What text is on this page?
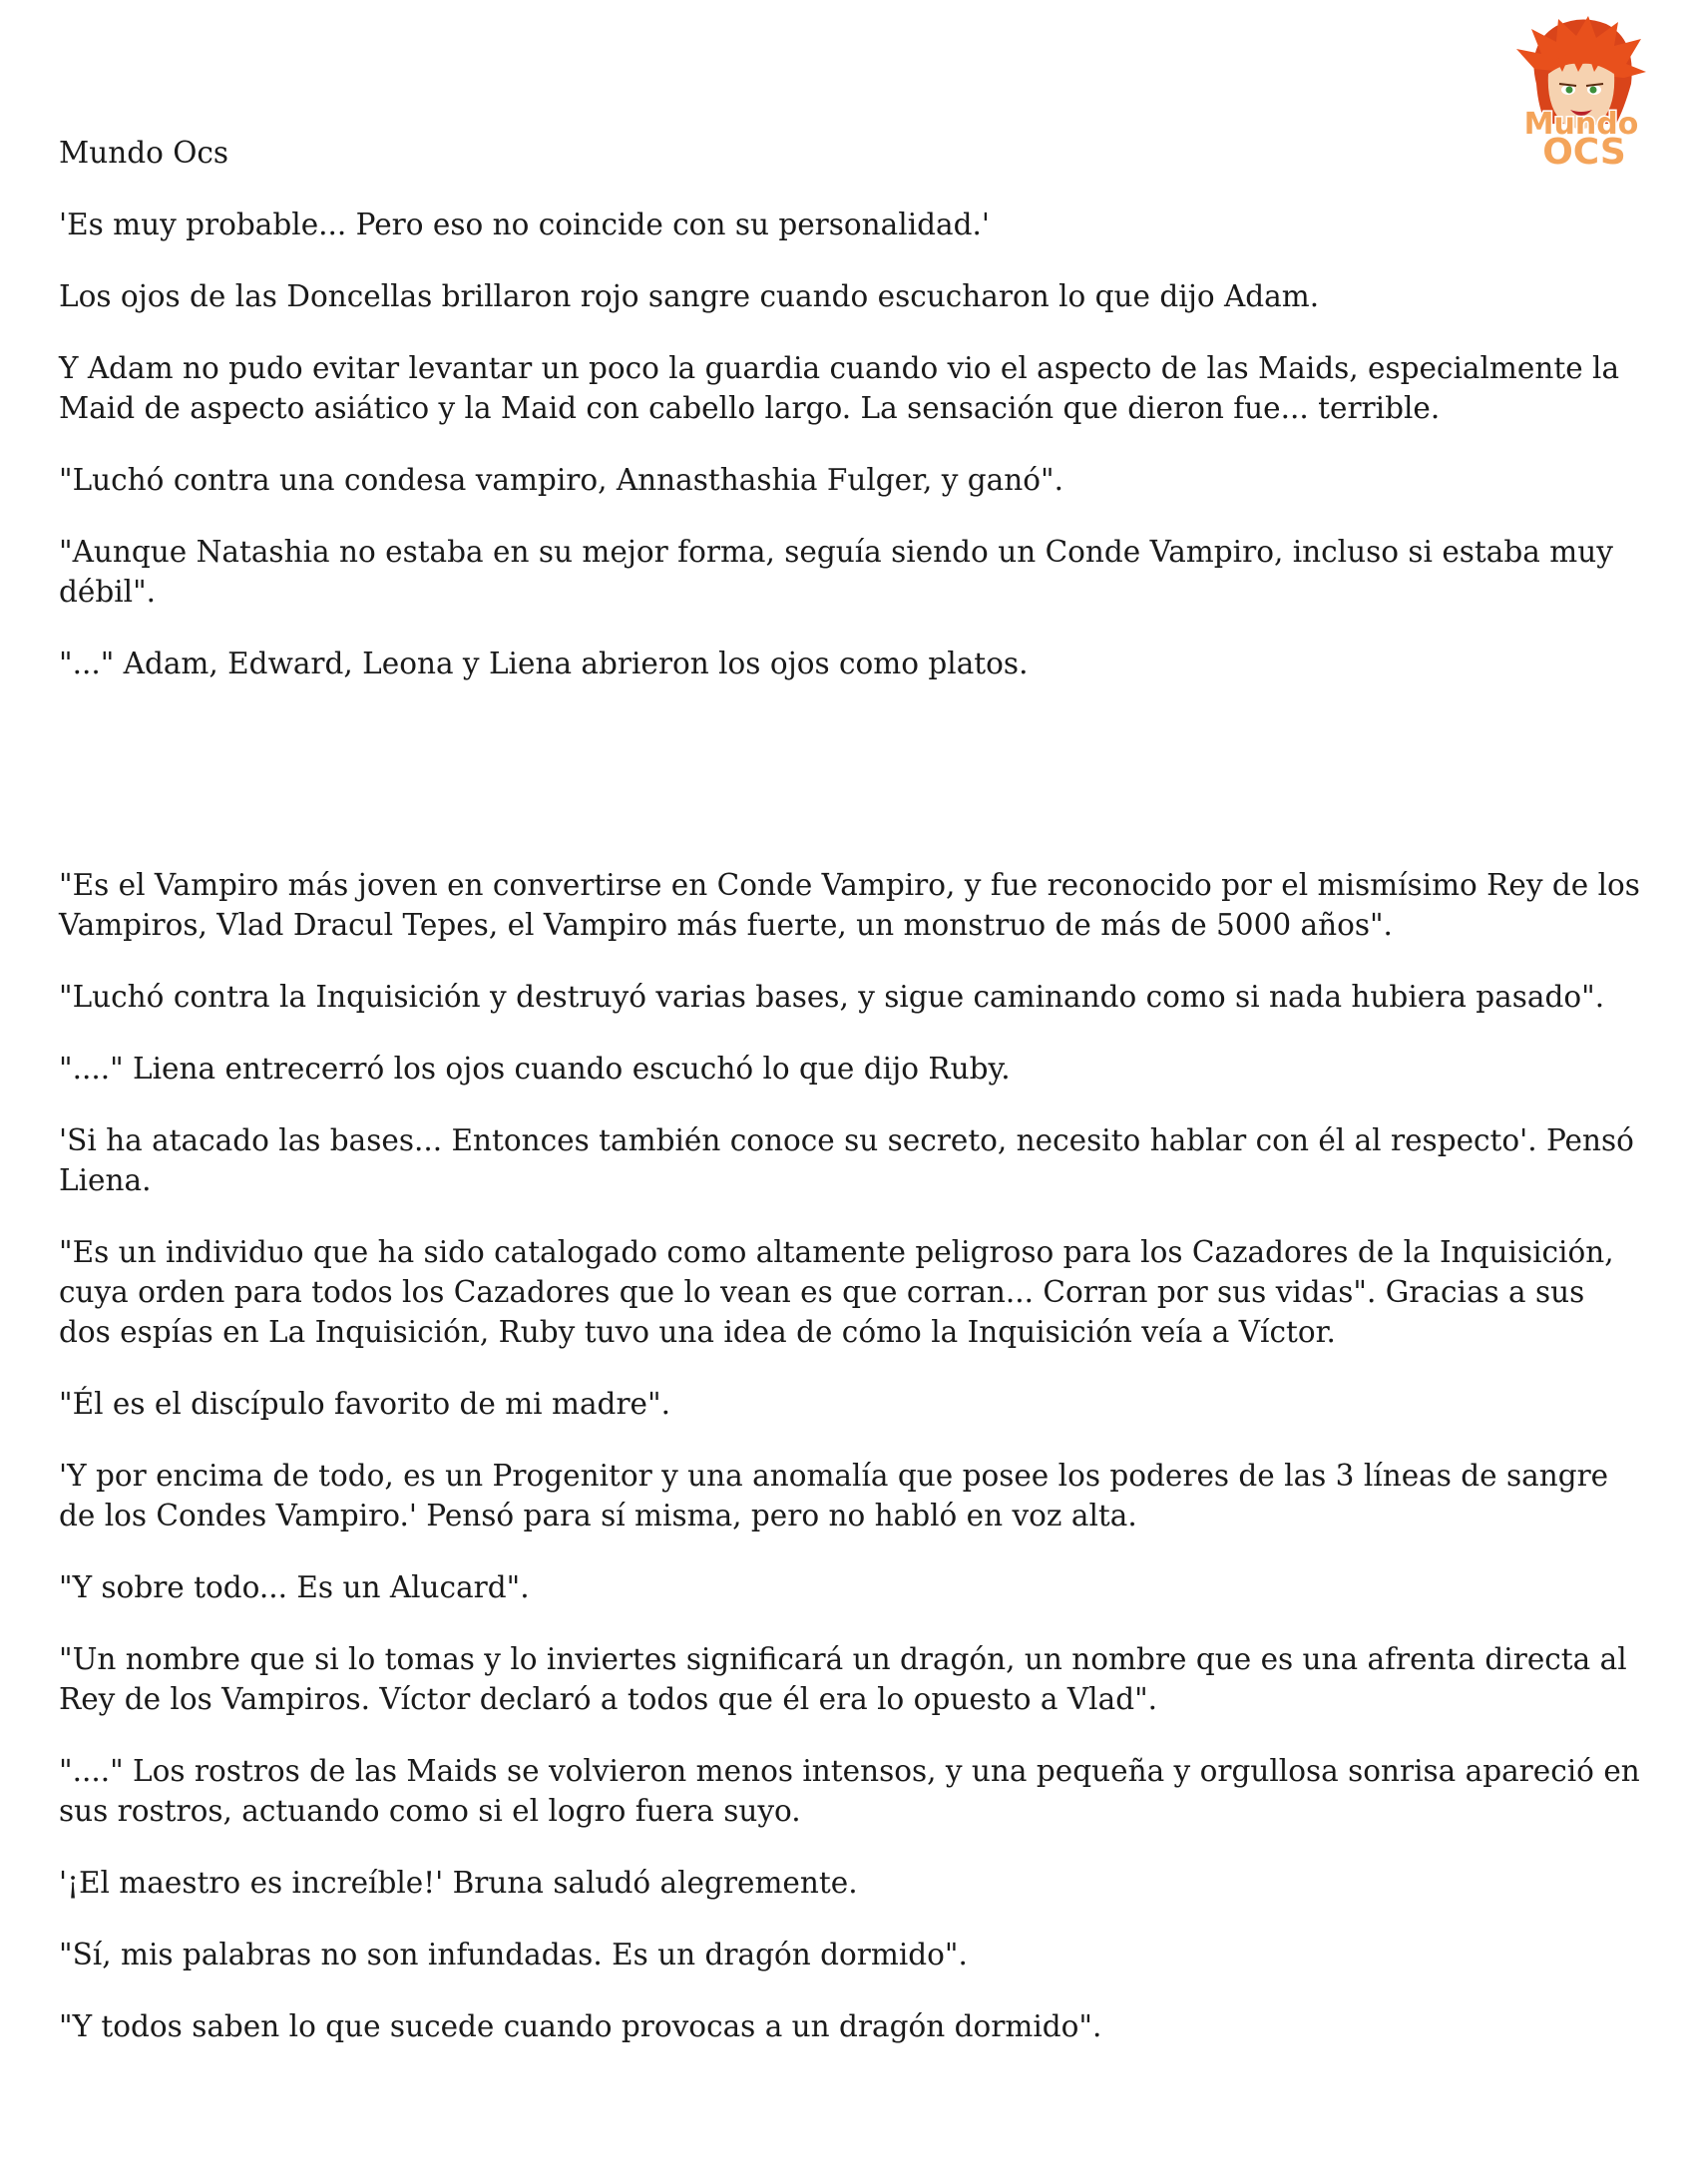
Mundo
OCS

Mundo Ocs

'Es muy probable... Pero eso no coincide con su personalidad.'

Los ojos de las Doncellas brillaron rojo sangre cuando escucharon lo que dijo Adam.

Y Adam no pudo evitar levantar un poco la guardia cuando vio el aspecto de las Maids, especialmente la Maid de aspecto asiático y la Maid con cabello largo. La sensación que dieron fue... terrible.

"Luchó contra una condesa vampiro, Annasthashia Fulger, y ganó".

"Aunque Natashia no estaba en su mejor forma, seguía siendo un Conde Vampiro, incluso si estaba muy débil".

"..." Adam, Edward, Leona y Liena abrieron los ojos como platos.

"Es el Vampiro más joven en convertirse en Conde Vampiro, y fue reconocido por el mismísimo Rey de los Vampiros, Vlad Dracul Tepes, el Vampiro más fuerte, un monstruo de más de 5000 años".

"Luchó contra la Inquisición y destruyó varias bases, y sigue caminando como si nada hubiera pasado".

"...." Liena entrecerró los ojos cuando escuchó lo que dijo Ruby.

'Si ha atacado las bases... Entonces también conoce su secreto, necesito hablar con él al respecto'. Pensó Liena.

"Es un individuo que ha sido catalogado como altamente peligroso para los Cazadores de la Inquisición, cuya orden para todos los Cazadores que lo vean es que corran... Corran por sus vidas". Gracias a sus dos espías en La Inquisición, Ruby tuvo una idea de cómo la Inquisición veía a Víctor.

"Él es el discípulo favorito de mi madre".

'Y por encima de todo, es un Progenitor y una anomalía que posee los poderes de las 3 líneas de sangre de los Condes Vampiro.' Pensó para sí misma, pero no habló en voz alta.

"Y sobre todo... Es un Alucard".

"Un nombre que si lo tomas y lo inviertes significará un dragón, un nombre que es una afrenta directa al Rey de los Vampiros. Víctor declaró a todos que él era lo opuesto a Vlad".

"...." Los rostros de las Maids se volvieron menos intensos, y una pequeña y orgullosa sonrisa apareció en sus rostros, actuando como si el logro fuera suyo.

'¡El maestro es increíble!' Bruna saludó alegremente.

"Sí, mis palabras no son infundadas. Es un dragón dormido".

"Y todos saben lo que sucede cuando provocas a un dragón dormido".
